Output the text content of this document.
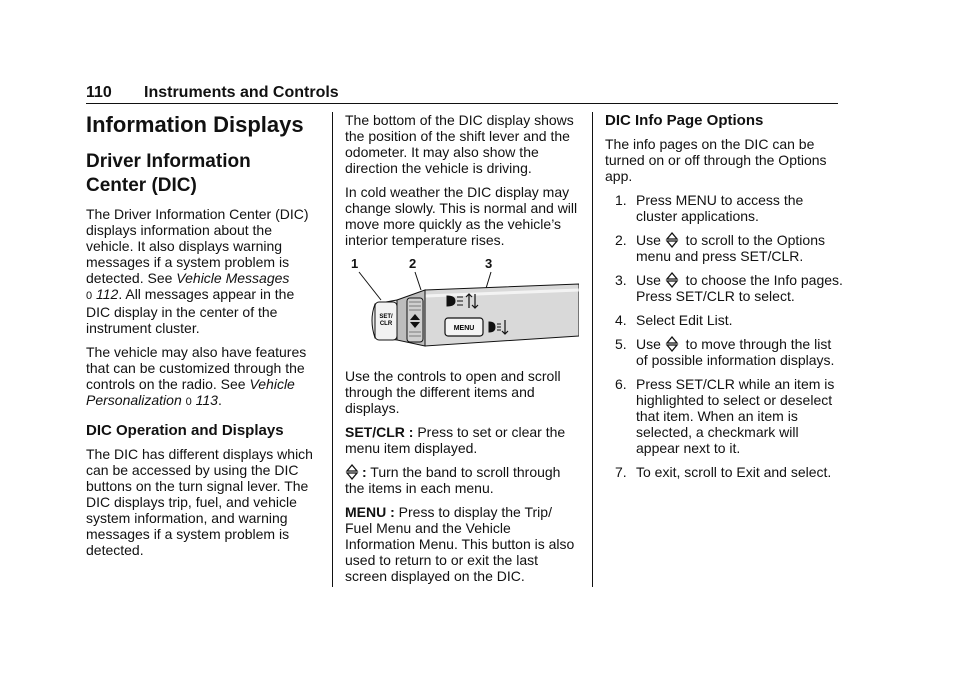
110 Instruments and Controls
Information Displays
Driver Information
Center (DIC)

The Driver Information Center (DIC) displays information about the vehicle. It also displays warning messages if a system problem is detected. See Vehicle Messages
0 112. All messages appear in the DIC display in the center of the instrument cluster.

The vehicle may also have features that can be customized through the controls on the radio. See Vehicle Personalization 0 113.

DIC Operation and Displays

The DIC has different displays which can be accessed by using the DIC buttons on the turn signal lever. The DIC displays trip, fuel, and vehicle system information, and warning messages if a system problem is detected.

The bottom of the DIC display shows the position of the shift lever and the odometer. It may also show the direction the vehicle is driving.

In cold weather the DIC display may change slowly. This is normal and will move more quickly as the vehicle’s interior temperature rises.

1	2	3
SET/
CLR
MENU

Use the controls to open and scroll through the different items and displays.

SET/CLR : Press to set or clear the menu item displayed.

: Turn the band to scroll through the items in each menu.

MENU : Press to display the Trip/ Fuel Menu and the Vehicle Information Menu. This button is also used to return to or exit the last screen displayed on the DIC.

DIC Info Page Options

The info pages on the DIC can be turned on or off through the Options app.

1. Press MENU to access the cluster applications.
2. Use  to scroll to the Options menu and press SET/CLR.
3. Use  to choose the Info pages. Press SET/CLR to select.
4. Select Edit List.
5. Use  to move through the list of possible information displays.
6. Press SET/CLR while an item is highlighted to select or deselect that item. When an item is selected, a checkmark will appear next to it.
7. To exit, scroll to Exit and select.
